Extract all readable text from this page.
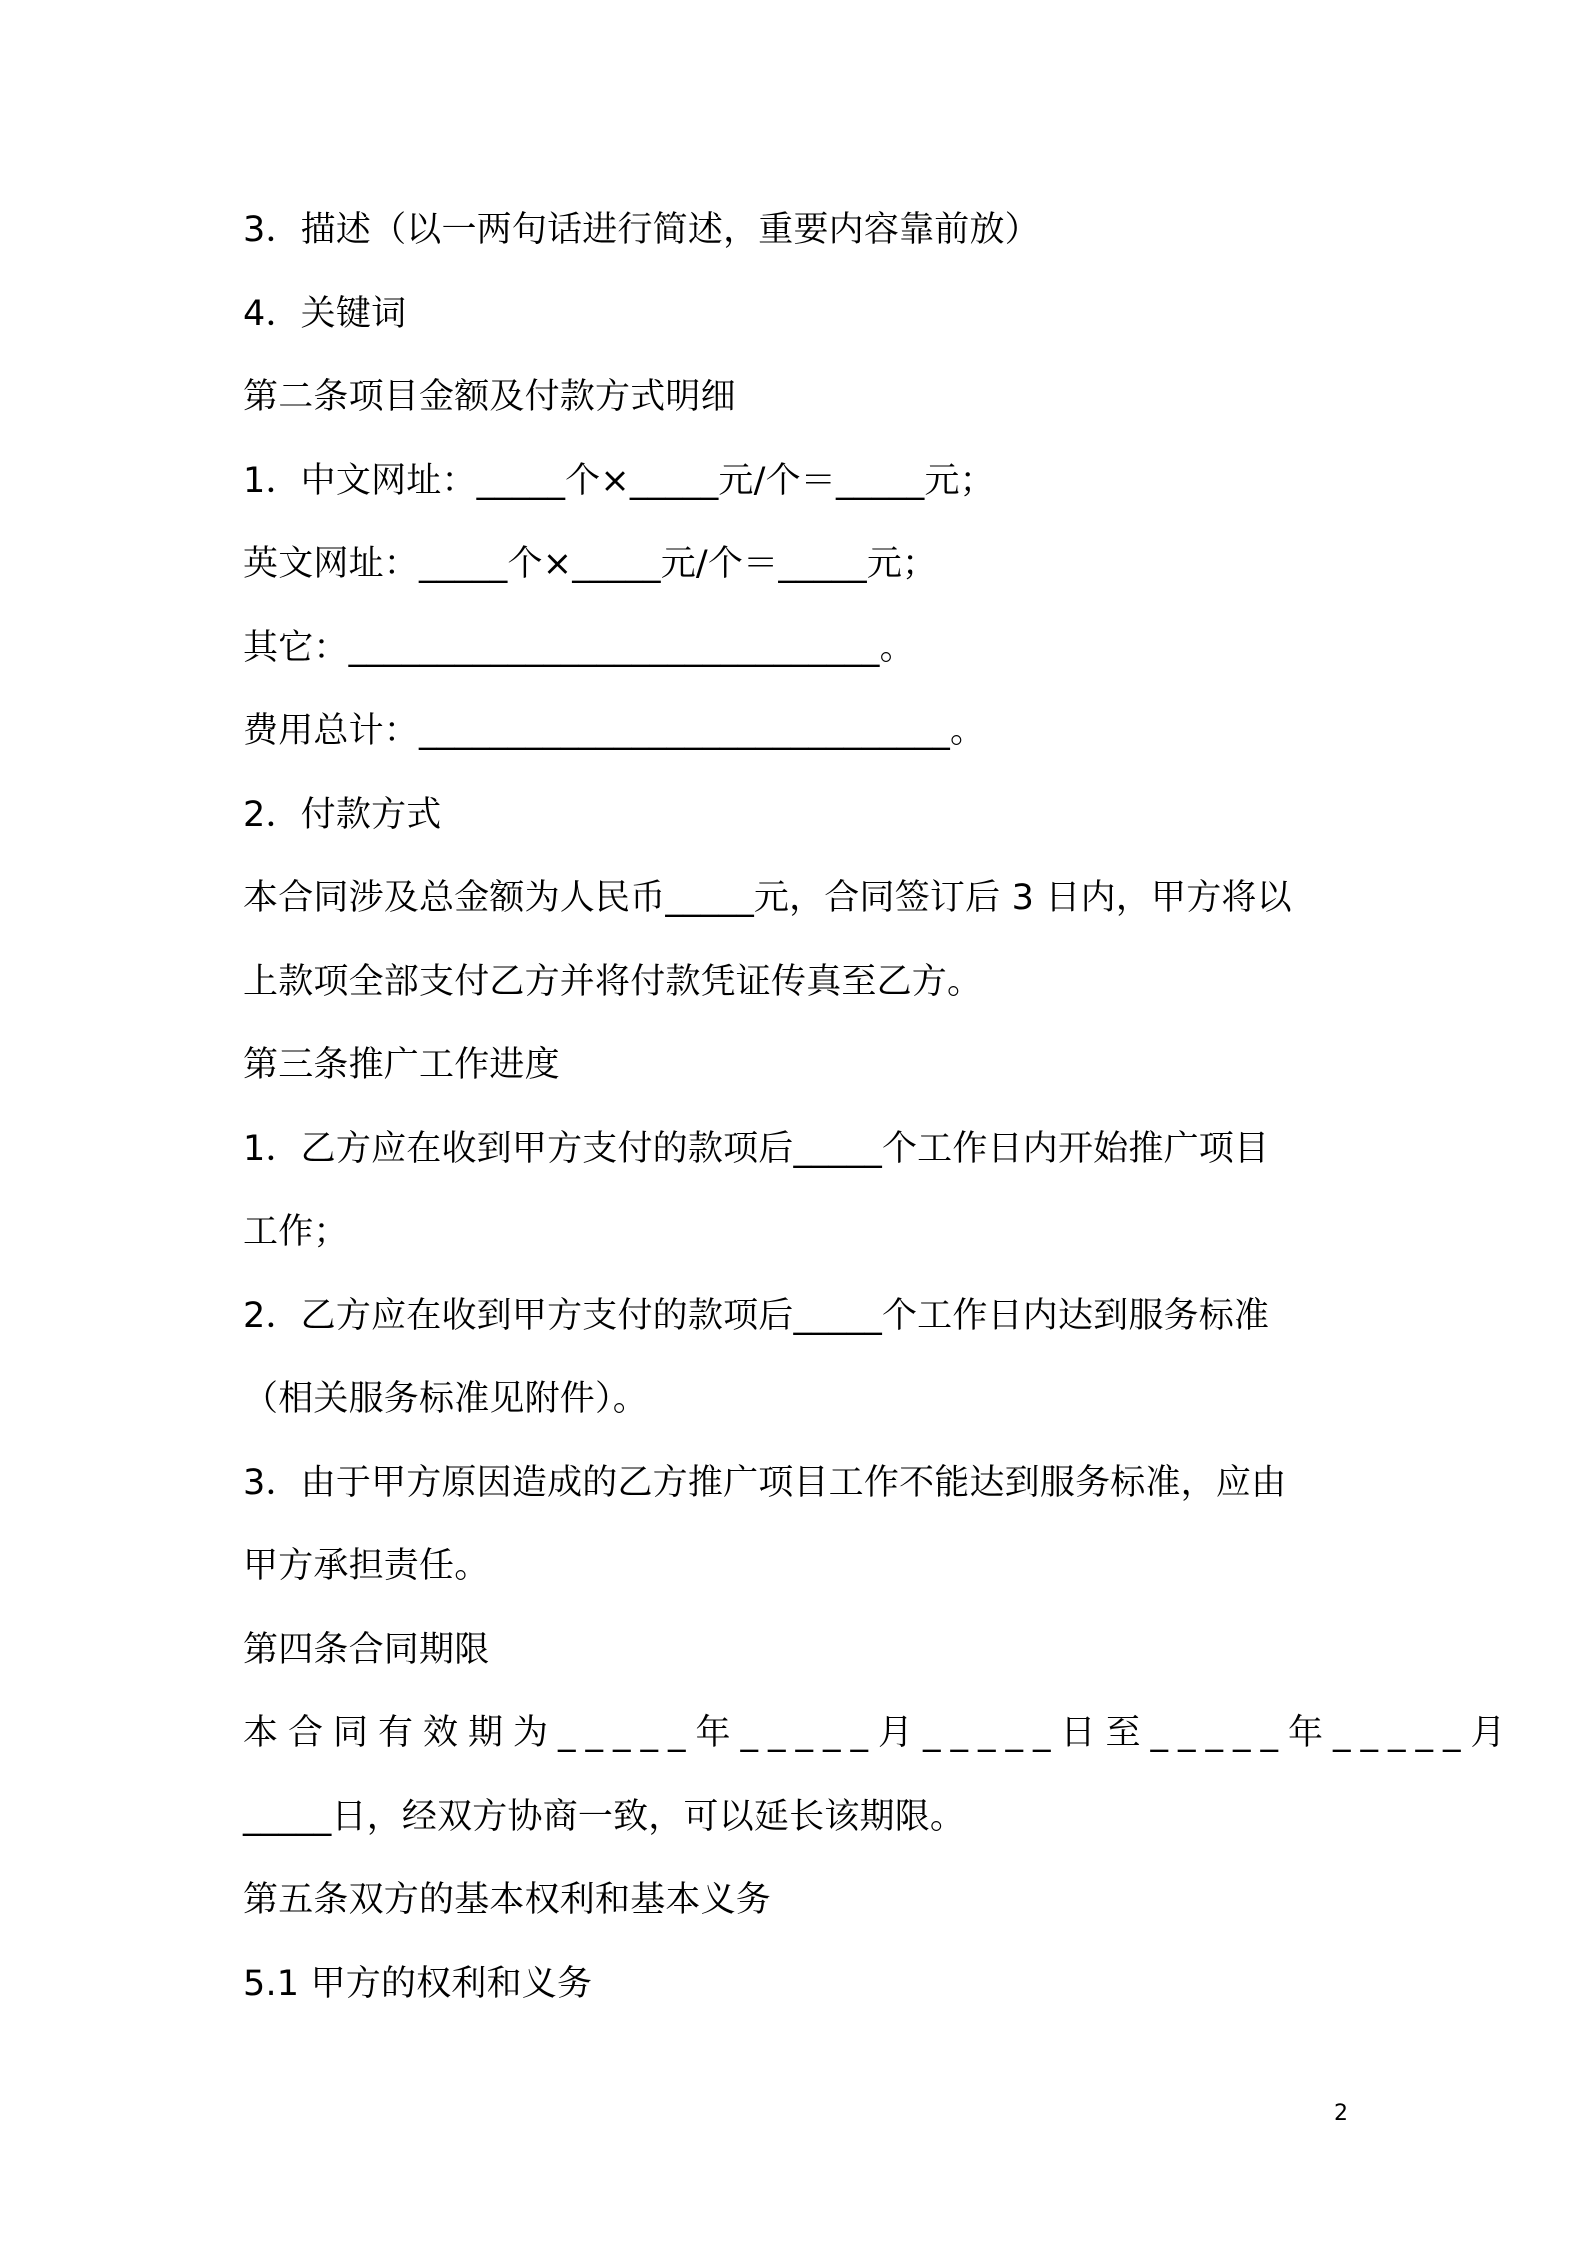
3．描述（以一两句话进行简述，重要内容靠前放）

4．关键词

第二条项目金额及付款方式明细

1．中文网址：_____个×_____元/个＝_____元；

英文网址：_____个×_____元/个＝_____元；

其它：______________________________。

费用总计：______________________________。

2．付款方式

本合同涉及总金额为人民币_____元，合同签订后 3 日内，甲方将以

上款项全部支付乙方并将付款凭证传真至乙方。

第三条推广工作进度

1．乙方应在收到甲方支付的款项后_____个工作日内开始推广项目

工作；

2．乙方应在收到甲方支付的款项后_____个工作日内达到服务标准

（相关服务标准见附件）。

3．由于甲方原因造成的乙方推广项目工作不能达到服务标准，应由

甲方承担责任。

第四条合同期限

本合同有效期为_____年_____月_____日至_____年_____月

_____日，经双方协商一致，可以延长该期限。

第五条双方的基本权利和基本义务

5.1 甲方的权利和义务

2
